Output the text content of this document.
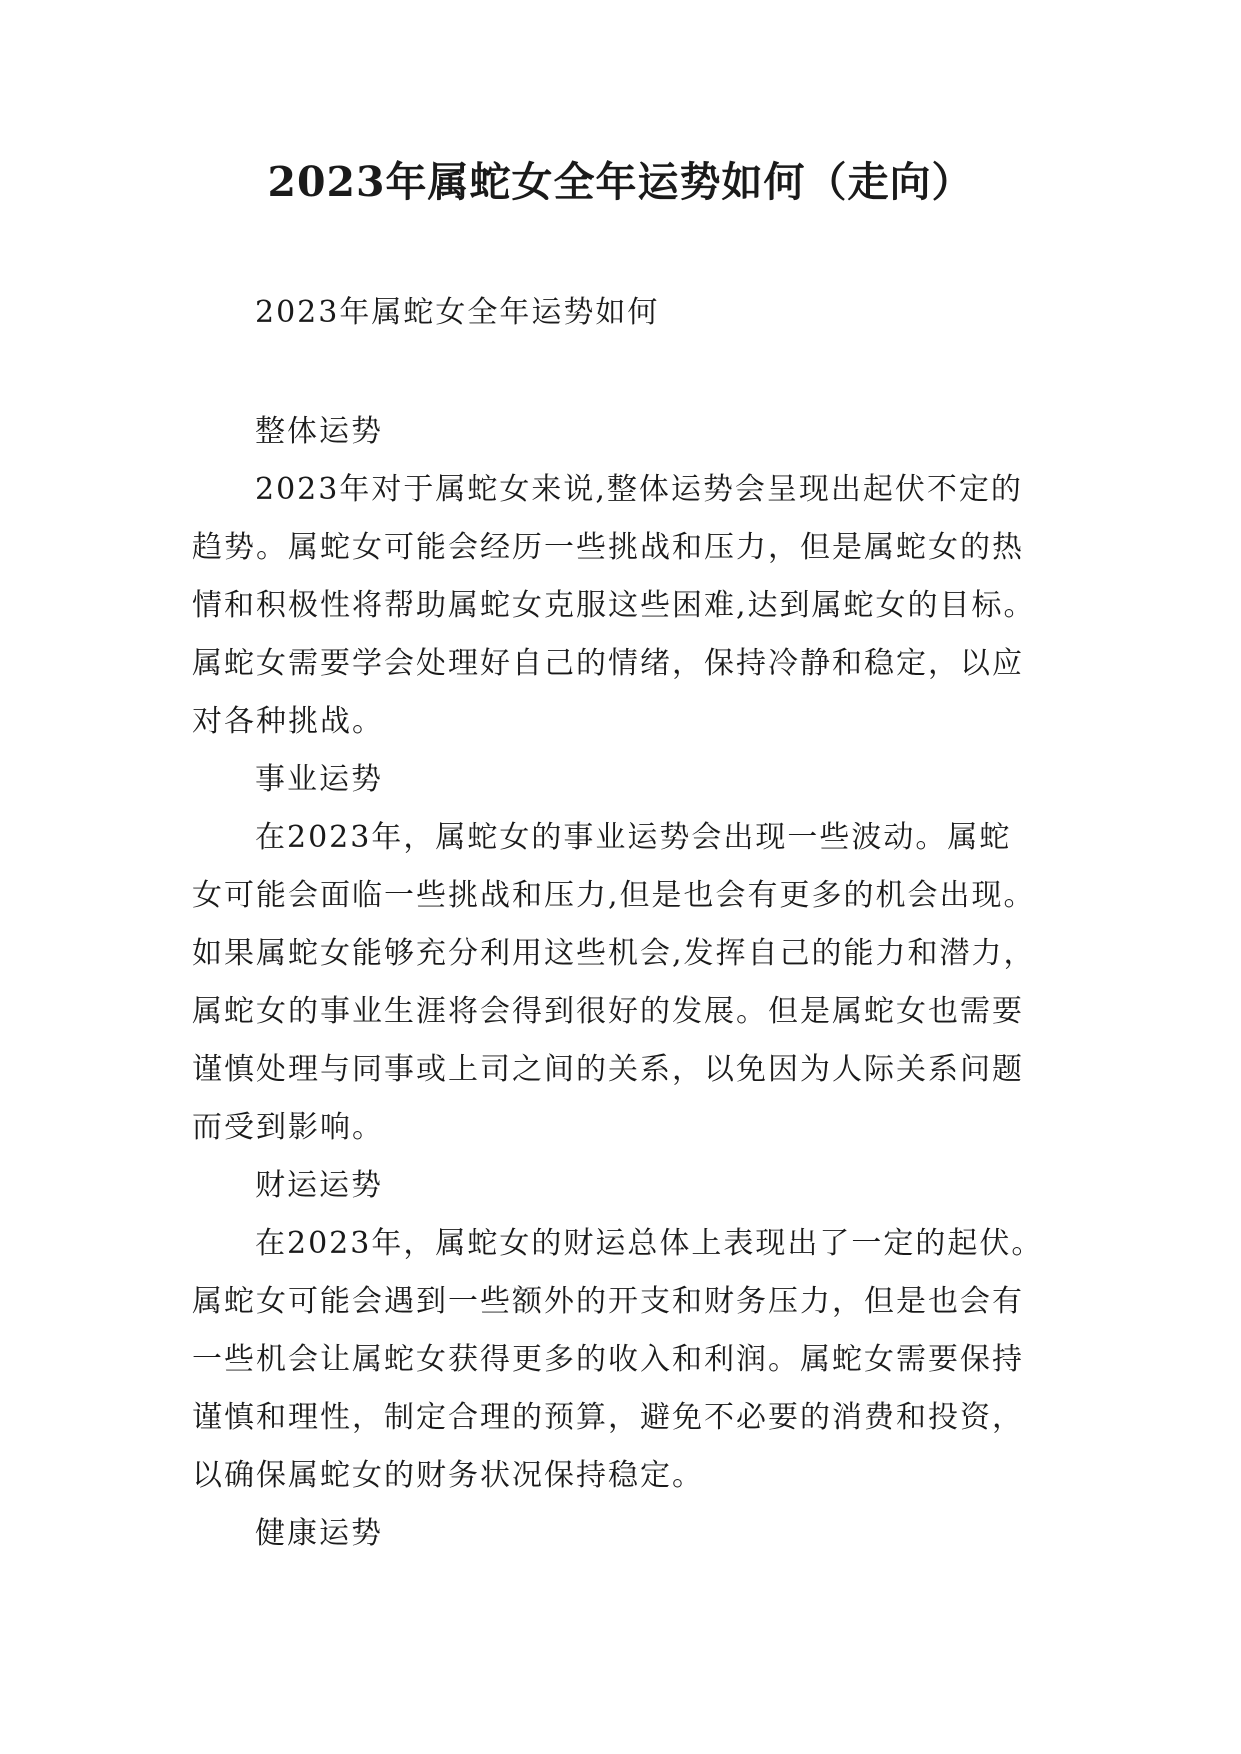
2023年属蛇女全年运势如何（走向）
2023年属蛇女全年运势如何
整体运势
2023年对于属蛇女来说,整体运势会呈现出起伏不定的
趋势。属蛇女可能会经历一些挑战和压力，但是属蛇女的热
情和积极性将帮助属蛇女克服这些困难,达到属蛇女的目标。
属蛇女需要学会处理好自己的情绪，保持冷静和稳定，以应
对各种挑战。
事业运势
在2023年，属蛇女的事业运势会出现一些波动。属蛇
女可能会面临一些挑战和压力,但是也会有更多的机会出现。
如果属蛇女能够充分利用这些机会,发挥自己的能力和潜力，
属蛇女的事业生涯将会得到很好的发展。但是属蛇女也需要
谨慎处理与同事或上司之间的关系，以免因为人际关系问题
而受到影响。
财运运势
在2023年，属蛇女的财运总体上表现出了一定的起伏。
属蛇女可能会遇到一些额外的开支和财务压力，但是也会有
一些机会让属蛇女获得更多的收入和利润。属蛇女需要保持
谨慎和理性，制定合理的预算，避免不必要的消费和投资，
以确保属蛇女的财务状况保持稳定。
健康运势
